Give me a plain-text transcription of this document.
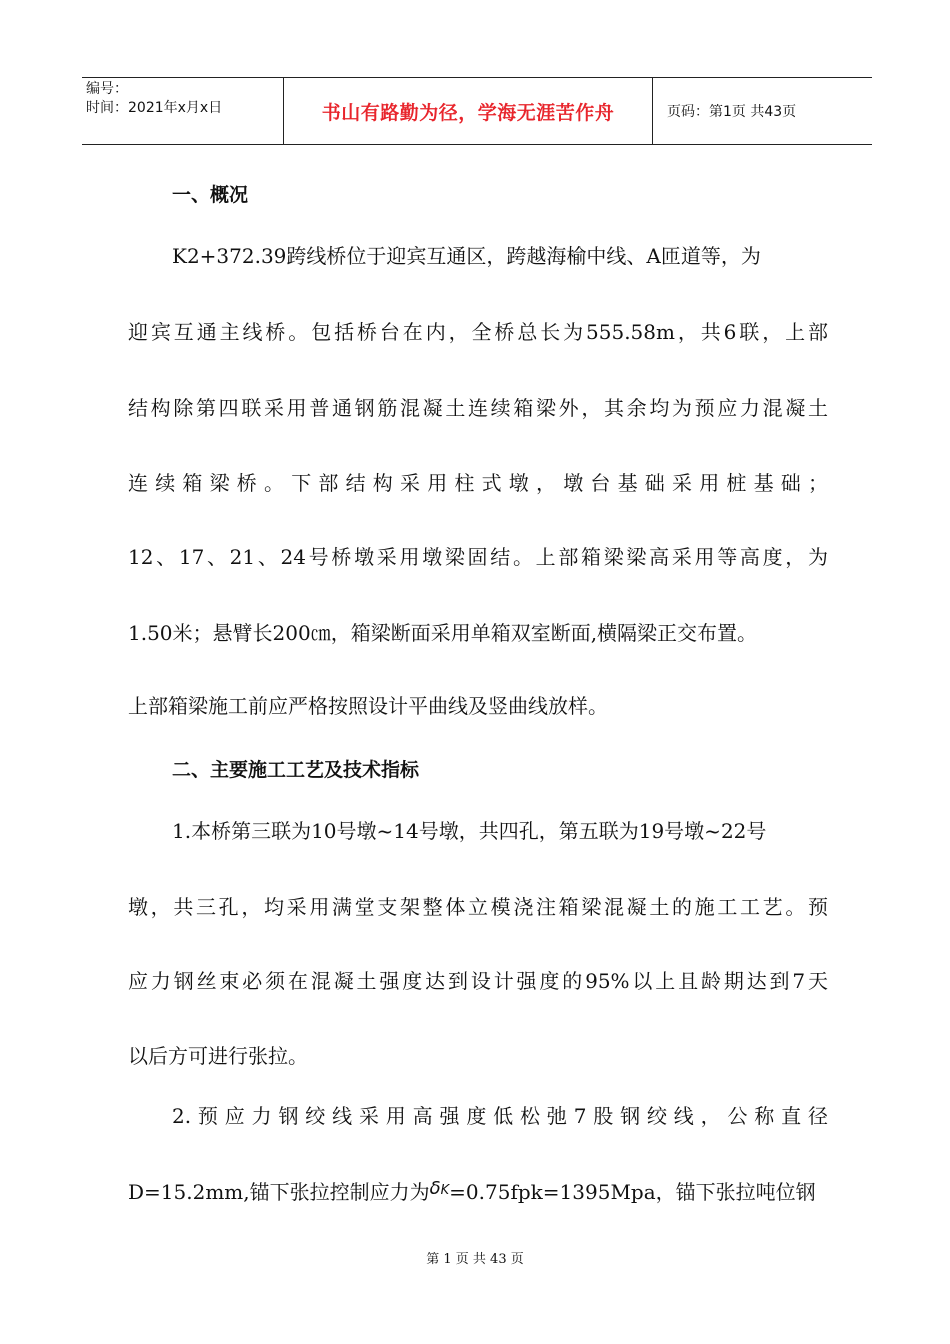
编号：
时间：2021年x月x日	书山有路勤为径，学海无涯苦作舟	页码：第1页 共43页
一、概况
K2+372.39跨线桥位于迎宾互通区，跨越海榆中线、A匝道等，为
迎宾互通主线桥。包括桥台在内，全桥总长为555.58m，共6联，上部
结构除第四联采用普通钢筋混凝土连续箱梁外，其余均为预应力混凝土
连续箱梁桥。下部结构采用柱式墩，墩台基础采用桩基础；
12、17、21、24号桥墩采用墩梁固结。上部箱梁梁高采用等高度，为
1.50米；悬臂长200㎝，箱梁断面采用单箱双室断面,横隔梁正交布置。
上部箱梁施工前应严格按照设计平曲线及竖曲线放样。
二、主要施工工艺及技术指标
1.本桥第三联为10号墩~14号墩，共四孔，第五联为19号墩~22号
墩，共三孔，均采用满堂支架整体立模浇注箱梁混凝土的施工工艺。预
应力钢丝束必须在混凝土强度达到设计强度的95%以上且龄期达到7天
以后方可进行张拉。
2.预应力钢绞线采用高强度低松弛7股钢绞线，公称直径
D=15.2mm,锚下张拉控制应力为δK=0.75fpk=1395Mpa，锚下张拉吨位钢
第 1 页 共 43 页
